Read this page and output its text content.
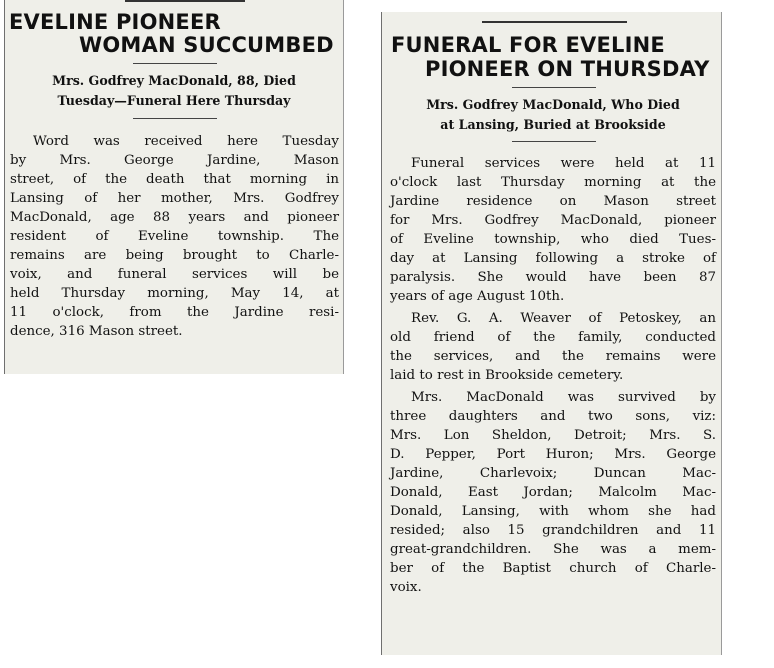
EVELINE PIONEER

WOMAN SUCCUMBED

Mrs. Godfrey MacDonald, 88, Died

Tuesday—Funeral Here Thursday

Word was received here Tuesday

by Mrs. George Jardine, Mason

street, of the death that morning in

Lansing of her mother, Mrs. Godfrey

MacDonald, age 88 years and pioneer

resident of Eveline township. The

remains are being brought to Charle-

voix, and funeral services will be

held Thursday morning, May 14, at

11 o'clock, from the Jardine resi-

dence, 316 Mason street.

FUNERAL FOR EVELINE

PIONEER ON THURSDAY

Mrs. Godfrey MacDonald, Who Died

at Lansing, Buried at Brookside

Funeral services were held at 11

o'clock last Thursday morning at the

Jardine residence on Mason street

for Mrs. Godfrey MacDonald, pioneer

of Eveline township, who died Tues-

day at Lansing following a stroke of

paralysis. She would have been 87

years of age August 10th.

Rev. G. A. Weaver of Petoskey, an

old friend of the family, conducted

the services, and the remains were

laid to rest in Brookside cemetery.

Mrs. MacDonald was survived by

three daughters and two sons, viz:

Mrs. Lon Sheldon, Detroit; Mrs. S.

D. Pepper, Port Huron; Mrs. George

Jardine, Charlevoix; Duncan Mac-

Donald, East Jordan; Malcolm Mac-

Donald, Lansing, with whom she had

resided; also 15 grandchildren and 11

great-grandchildren. She was a mem-

ber of the Baptist church of Charle-

voix.
